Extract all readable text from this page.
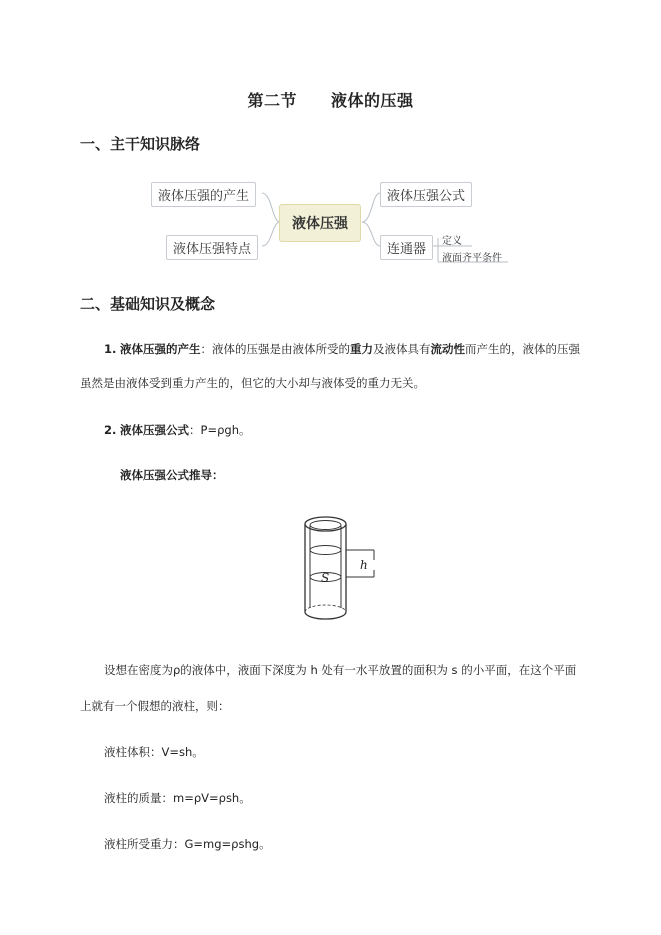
第二节 液体的压强
一、主干知识脉络
液体压强的产生
液体压强特点
液体压强
液体压强公式
连通器
定义
液面齐平条件
二、基础知识及概念
1. 液体压强的产生：液体的压强是由液体所受的重力及液体具有流动性而产生的，液体的压强
虽然是由液体受到重力产生的，但它的大小却与液体受的重力无关。
2. 液体压强公式：P=ρgh。
液体压强公式推导：
h
S
设想在密度为ρ的液体中，液面下深度为 h 处有一水平放置的面积为 s 的小平面，在这个平面
上就有一个假想的液柱，则：
液柱体积：V=sh。
液柱的质量：m=ρV=ρsh。
液柱所受重力：G=mg=ρshg。
